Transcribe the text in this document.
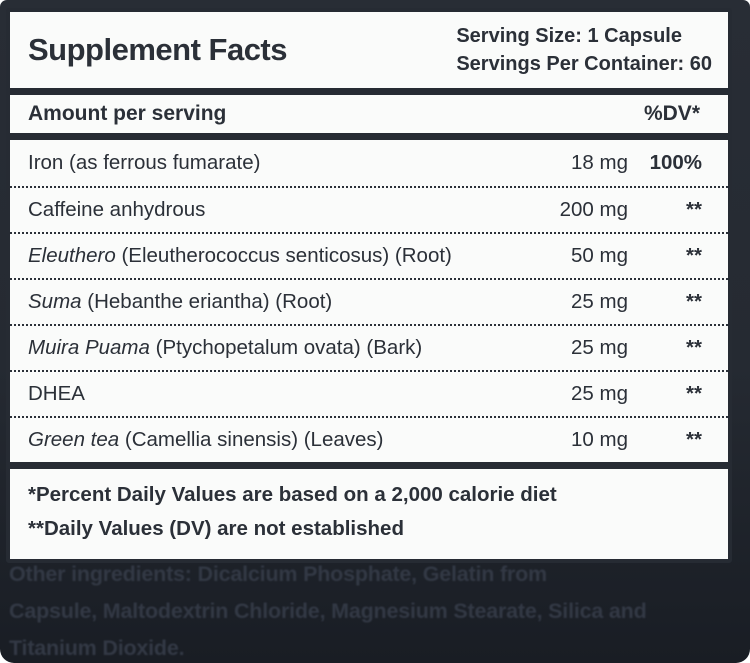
Supplement Facts	Serving Size: 1 Capsule
Servings Per Container: 60
Amount per serving	%DV*
Iron (as ferrous fumarate)	18 mg	100%
Caffeine anhydrous	200 mg	**
Eleuthero (Eleutherococcus senticosus) (Root)	50 mg	**
Suma (Hebanthe eriantha) (Root)	25 mg	**
Muira Puama (Ptychopetalum ovata) (Bark)	25 mg	**
DHEA	25 mg	**
Green tea (Camellia sinensis) (Leaves)	10 mg	**
*Percent Daily Values are based on a 2,000 calorie diet
**Daily Values (DV) are not established
Other ingredients: Dicalcium Phosphate, Gelatin from
Capsule, Maltodextrin Chloride, Magnesium Stearate, Silica and
Titanium Dioxide.
